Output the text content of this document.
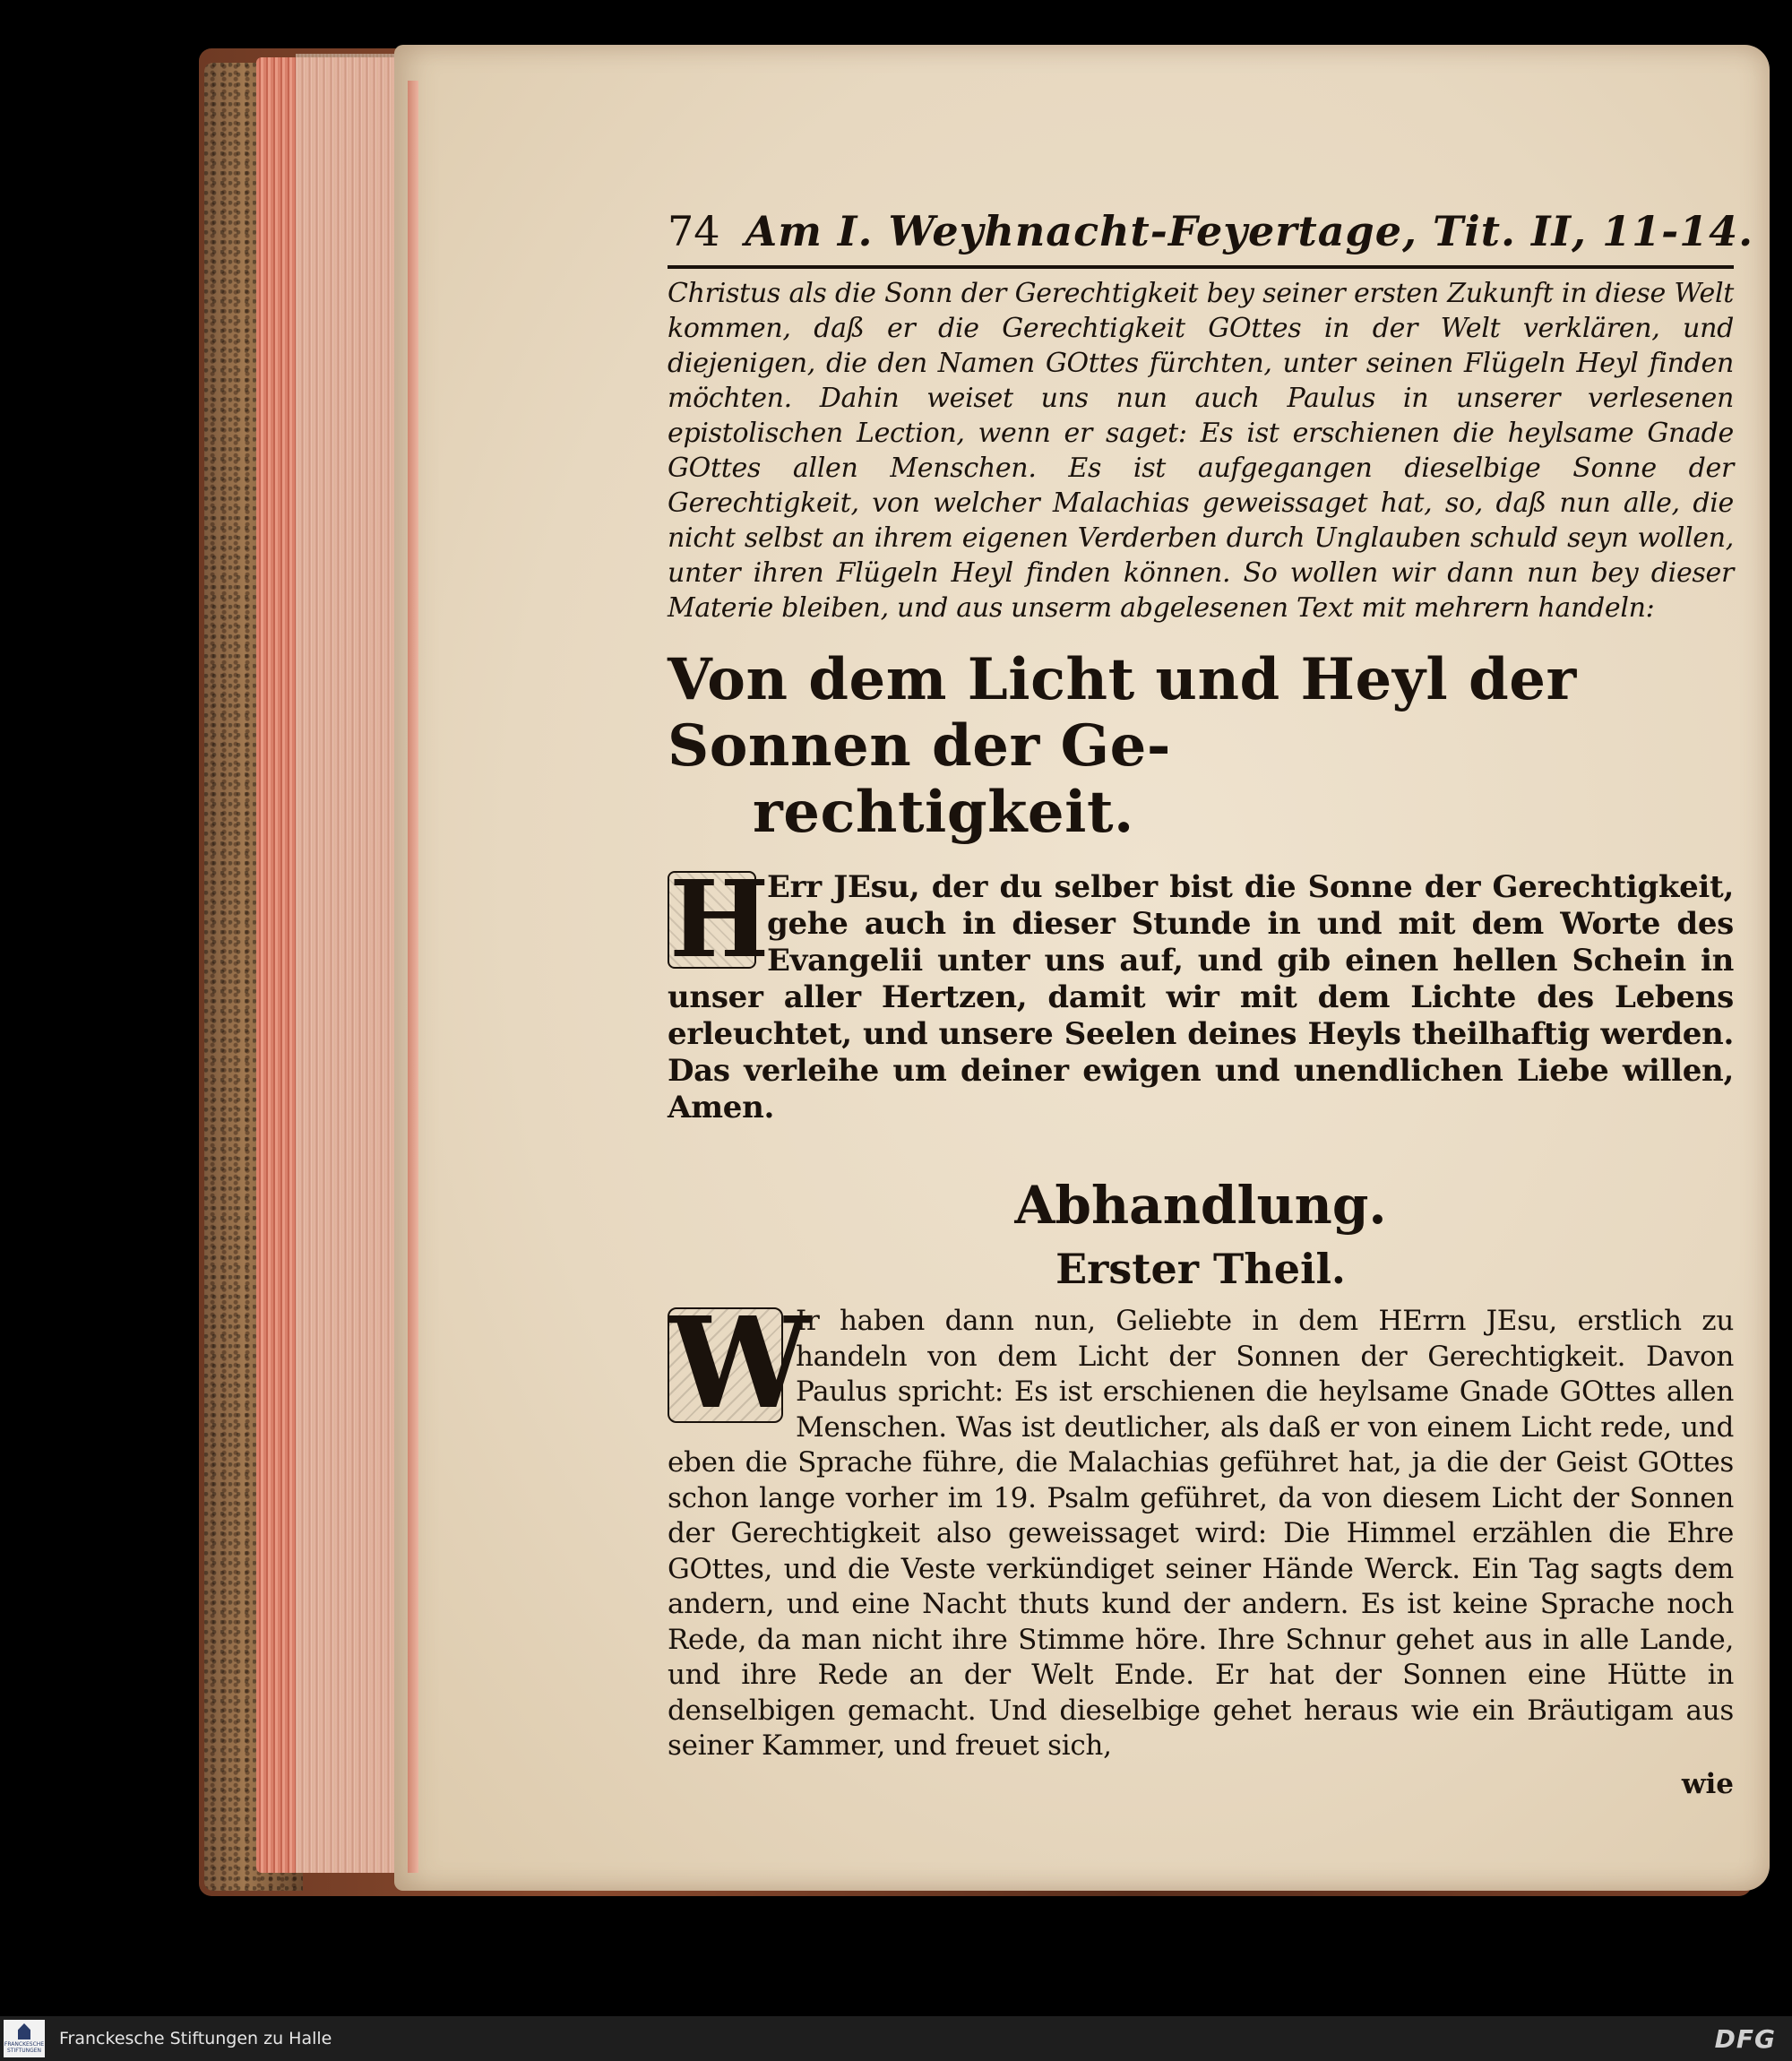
74 Am I. Weyhnacht-Feyertage, Tit. II, 11-14.

Christus als die Sonn der Gerechtigkeit bey seiner ersten Zukunft in diese Welt kommen, daß er die Gerechtigkeit GOttes in der Welt verklären, und diejenigen, die den Namen GOttes fürchten, unter seinen Flügeln Heyl finden möchten. Dahin weiset uns nun auch Paulus in unserer verlesenen epistolischen Lection, wenn er saget: Es ist erschienen die heylsame Gnade GOttes allen Menschen. Es ist aufgegangen dieselbige Sonne der Gerechtigkeit, von welcher Malachias geweissaget hat, so, daß nun alle, die nicht selbst an ihrem eigenen Verderben durch Unglauben schuld seyn wollen, unter ihren Flügeln Heyl finden können. So wollen wir dann nun bey dieser Materie bleiben, und aus unserm abgelesenen Text mit mehrern handeln:

Von dem Licht und Heyl der Sonnen der Ge-
rechtigkeit.
H
Err JEsu, der du selber bist die Sonne der Gerechtigkeit, gehe auch in dieser Stunde in und mit dem Worte des Evangelii unter uns auf, und gib einen hellen Schein in unser aller Hertzen, damit wir mit dem Lichte des Lebens erleuchtet, und unsere Seelen deines Heyls theilhaftig werden. Das verleihe um deiner ewigen und unendlichen Liebe willen, Amen.
Abhandlung.
Erster Theil.
W
Ir haben dann nun, Geliebte in dem HErrn JEsu, erstlich zu handeln von dem Licht der Sonnen der Gerechtigkeit. Davon Paulus spricht: Es ist erschienen die heylsame Gnade GOttes allen Menschen. Was ist deutlicher, als daß er von einem Licht rede, und eben die Sprache führe, die Malachias geführet hat, ja die der Geist GOttes schon lange vorher im 19. Psalm geführet, da von diesem Licht der Sonnen der Gerechtigkeit also geweissaget wird: Die Himmel erzählen die Ehre GOttes, und die Veste verkündiget seiner Hände Werck. Ein Tag sagts dem andern, und eine Nacht thuts kund der andern. Es ist keine Sprache noch Rede, da man nicht ihre Stimme höre. Ihre Schnur gehet aus in alle Lande, und ihre Rede an der Welt Ende. Er hat der Sonnen eine Hütte in denselbigen gemacht. Und dieselbige gehet heraus wie ein Bräutigam aus seiner Kammer, und freuet sich,
wie
FRANCKESCHE STIFTUNGEN
Franckesche Stiftungen zu Halle	DFG
